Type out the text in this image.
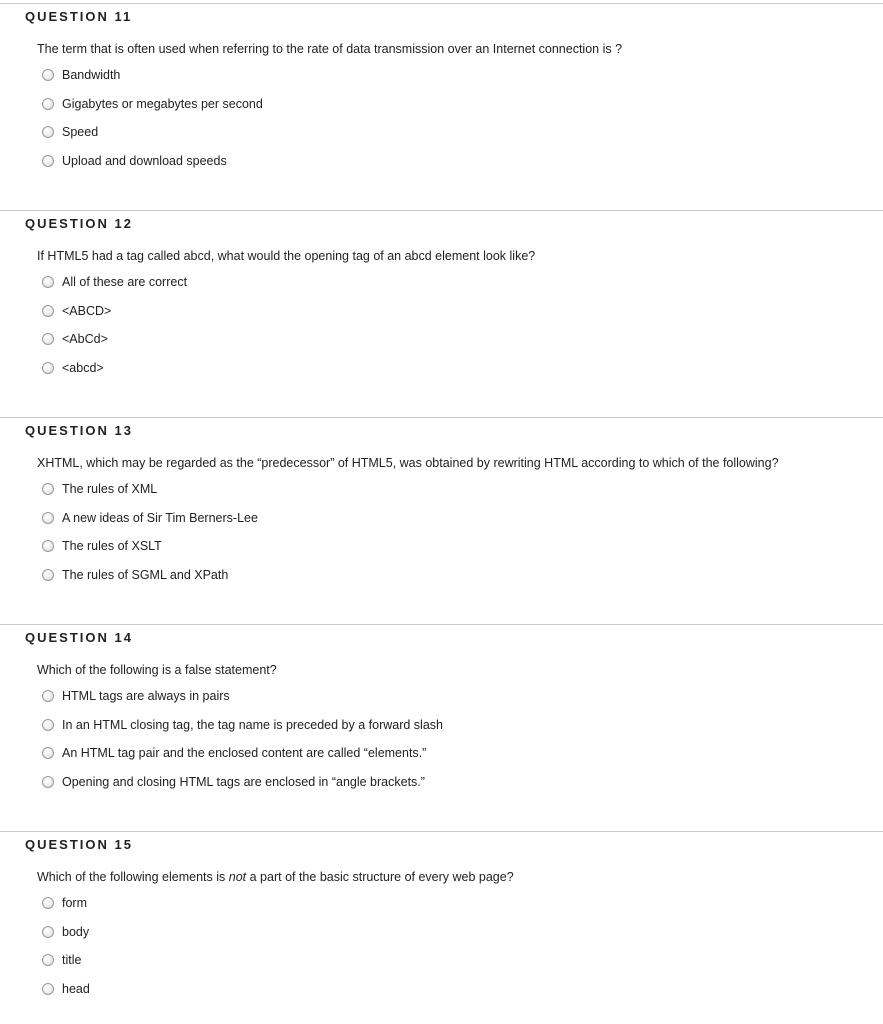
QUESTION 11
The term that is often used when referring to the rate of data transmission over an Internet connection is ?
Bandwidth
Gigabytes or megabytes per second
Speed
Upload and download speeds
QUESTION 12
If HTML5 had a tag called abcd, what would the opening tag of an abcd element look like?
All of these are correct
<ABCD>
<AbCd>
<abcd>
QUESTION 13
XHTML, which may be regarded as the “predecessor” of HTML5, was obtained by rewriting HTML according to which of the following?
The rules of XML
A new ideas of Sir Tim Berners-Lee
The rules of XSLT
The rules of SGML and XPath
QUESTION 14
Which of the following is a false statement?
HTML tags are always in pairs
In an HTML closing tag, the tag name is preceded by a forward slash
An HTML tag pair and the enclosed content are called “elements.”
Opening and closing HTML tags are enclosed in “angle brackets.”
QUESTION 15
Which of the following elements is not a part of the basic structure of every web page?
form
body
title
head
